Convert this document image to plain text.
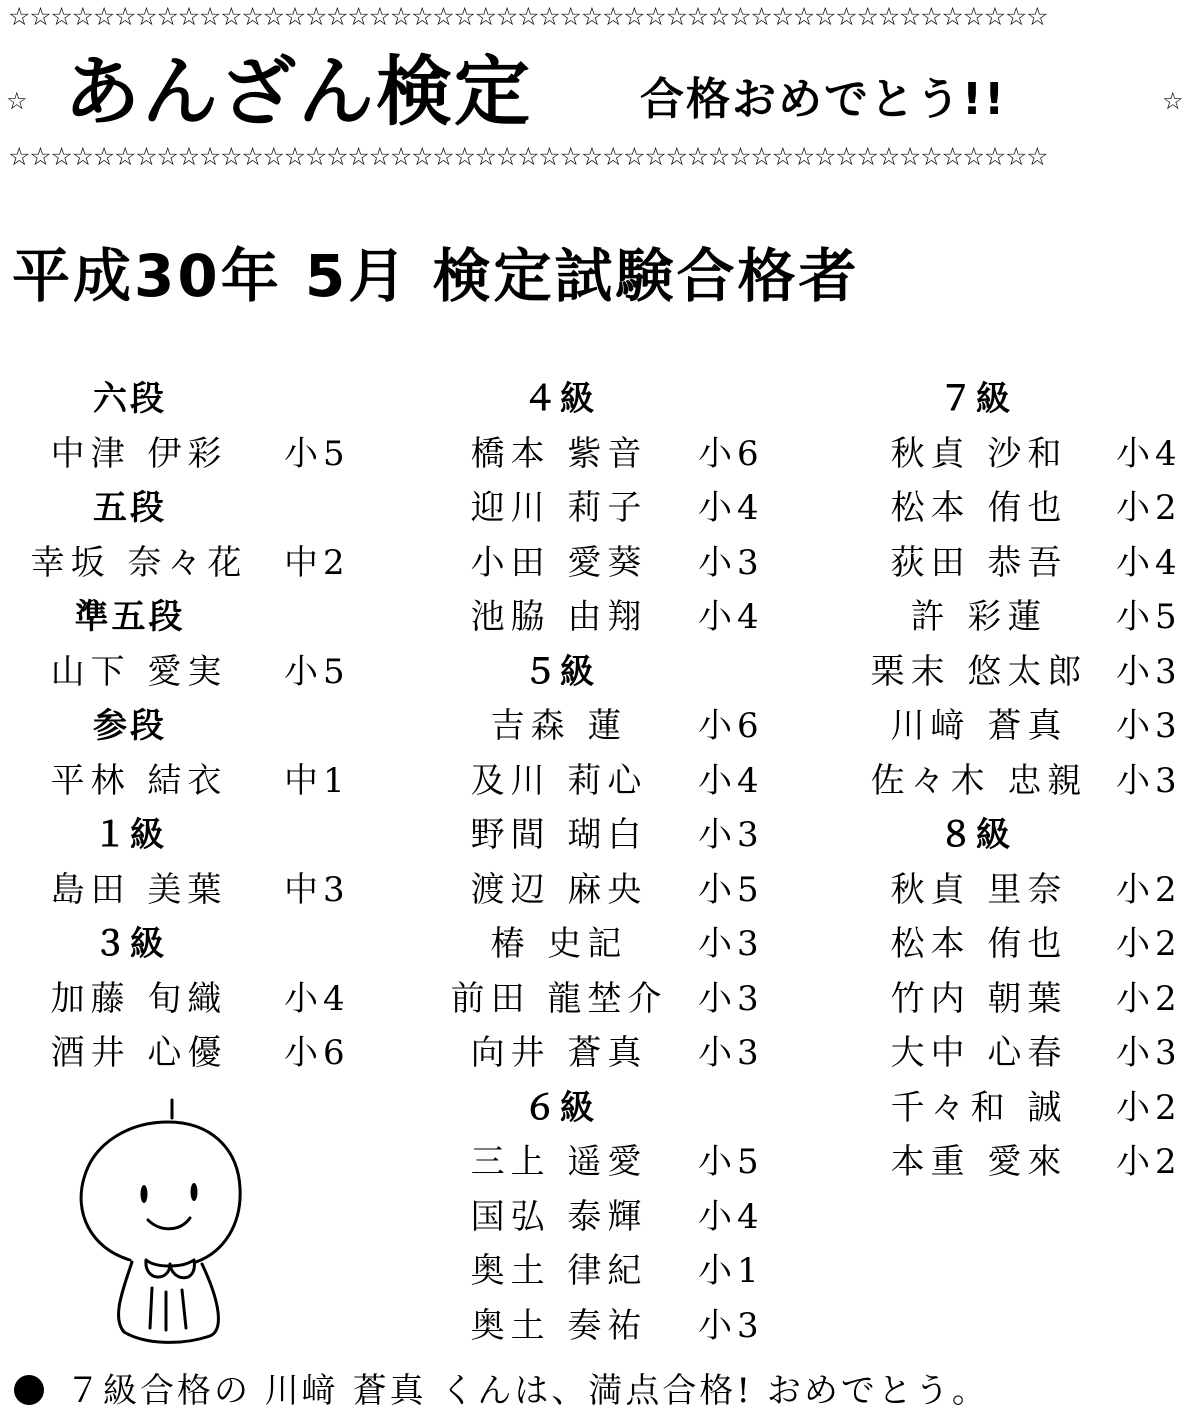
☆☆☆☆☆☆☆☆☆☆☆☆☆☆☆☆☆☆☆☆☆☆☆☆☆☆☆☆☆☆☆☆☆☆☆☆☆☆☆☆☆☆☆☆☆☆☆☆☆
☆ あんざん検定 合格おめでとう!!	☆
☆☆☆☆☆☆☆☆☆☆☆☆☆☆☆☆☆☆☆☆☆☆☆☆☆☆☆☆☆☆☆☆☆☆☆☆☆☆☆☆☆☆☆☆☆☆☆☆☆
平成30年 5月 検定試験合格者
六段
中津 伊彩	小5
五段
幸坂 奈々花	中2
準五段
山下 愛実	小5
参段
平林 結衣	中1
１級
島田 美葉	中3
３級
加藤 旬織	小4
酒井 心優	小6
４級
橋本 紫音	小6
迎川 莉子	小4
小田 愛葵	小3
池脇 由翔	小4
５級
吉森 蓮	小6
及川 莉心	小4
野間 瑚白	小3
渡辺 麻央	小5
椿 史記	小3
前田 龍埜介 小3
向井 蒼真	小3
６級
三上 遥愛	小5
国弘 泰輝	小4
奥土 律紀	小1
奥土 奏祐	小3
７級
秋貞 沙和	小4
松本 侑也	小2
荻田 恭吾	小4
許 彩蓮	小5
栗末 悠太郎 小3
川﨑 蒼真	小3
佐々木 忠親 小3
８級
秋貞 里奈	小2
松本 侑也	小2
竹内 朝葉	小2
大中 心春	小3
千々和 誠	小2
本重 愛來	小2
７級合格の 川﨑 蒼真 くんは、満点合格! おめでとう。
